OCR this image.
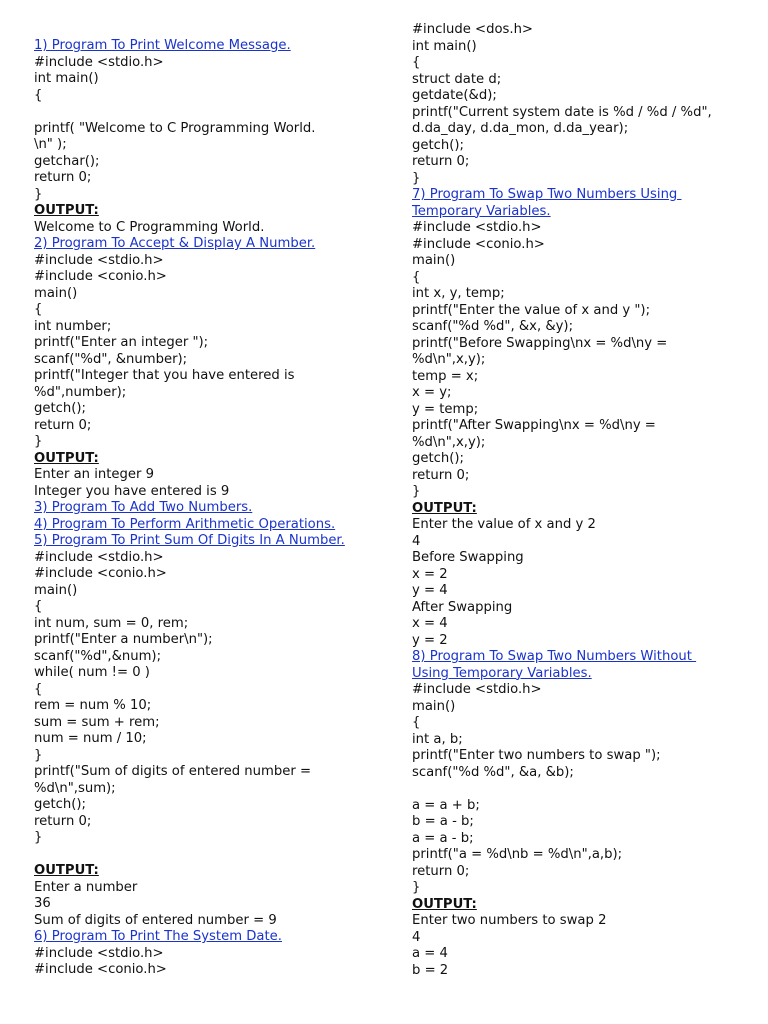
1) Program To Print Welcome Message.
#include <stdio.h>
int main()
{
printf( "Welcome to C Programming World.
\n" );
getchar();
return 0;
}
OUTPUT:
Welcome to C Programming World.
2) Program To Accept & Display A Number.
#include <stdio.h>
#include <conio.h>
main()
{
int number;
printf("Enter an integer ");
scanf("%d", &number);
printf("Integer that you have entered is
%d",number);
getch();
return 0;
}
OUTPUT:
Enter an integer 9
Integer you have entered is 9
3) Program To Add Two Numbers.
4) Program To Perform Arithmetic Operations.
5) Program To Print Sum Of Digits In A Number.
#include <stdio.h>
#include <conio.h>
main()
{
int num, sum = 0, rem;
printf("Enter a number\n");
scanf("%d",&num);
while( num != 0 )
{
rem = num % 10;
sum = sum + rem;
num = num / 10;
}
printf("Sum of digits of entered number =
%d\n",sum);
getch();
return 0;
}
OUTPUT:
Enter a number
36
Sum of digits of entered number = 9
6) Program To Print The System Date.
#include <stdio.h>
#include <conio.h>
#include <dos.h>
int main()
{
struct date d;
getdate(&d);
printf("Current system date is %d / %d / %d",
d.da_day, d.da_mon, d.da_year);
getch();
return 0;
}
7) Program To Swap Two Numbers Using
Temporary Variables.
#include <stdio.h>
#include <conio.h>
main()
{
int x, y, temp;
printf("Enter the value of x and y ");
scanf("%d %d", &x, &y);
printf("Before Swapping\nx = %d\ny =
%d\n",x,y);
temp = x;
x = y;
y = temp;
printf("After Swapping\nx = %d\ny =
%d\n",x,y);
getch();
return 0;
}
OUTPUT:
Enter the value of x and y 2
4
Before Swapping
x = 2
y = 4
After Swapping
x = 4
y = 2
8) Program To Swap Two Numbers Without
Using Temporary Variables.
#include <stdio.h>
main()
{
int a, b;
printf("Enter two numbers to swap ");
scanf("%d %d", &a, &b);
a = a + b;
b = a - b;
a = a - b;
printf("a = %d\nb = %d\n",a,b);
return 0;
}
OUTPUT:
Enter two numbers to swap 2
4
a = 4
b = 2
